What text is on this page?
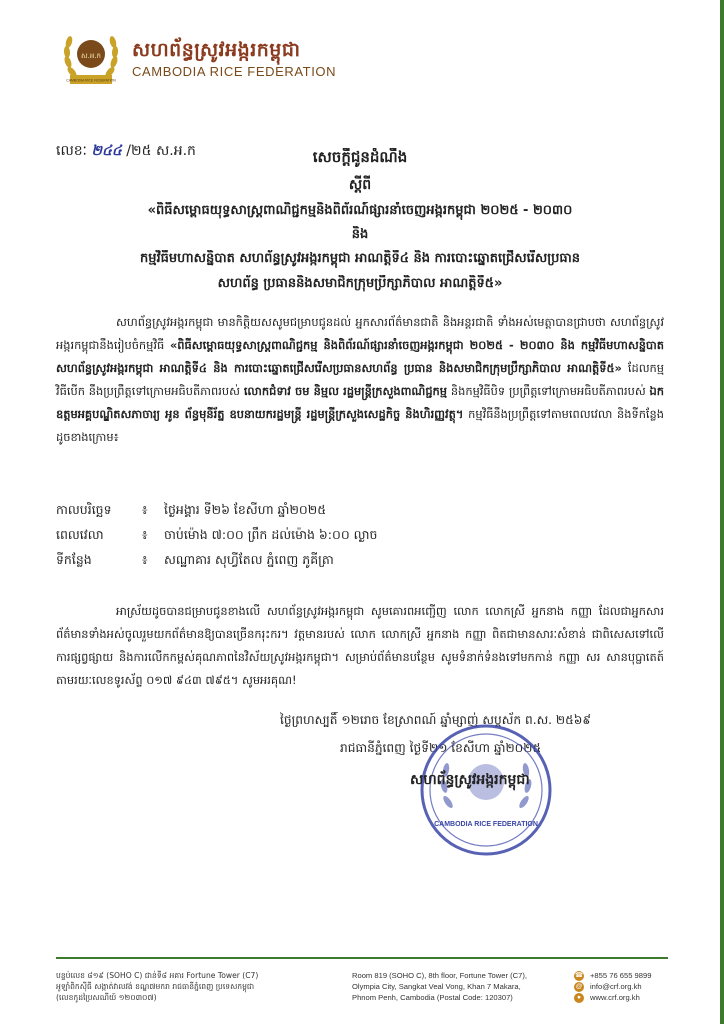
ស.អ.ក
CAMBODIA RICE FEDERATION
សហព័ន្ធស្រូវអង្ករកម្ពុជា
CAMBODIA RICE FEDERATION
លេខៈ ២៤៤ /២៥ ស.អ.ក	សេចក្ដីជូនដំណឹង
ស្ដីពី
«ពិធីសម្ពោធយុទ្ធសាស្ត្រពាណិជ្ជកម្មនិងពិព័រណ៍ផ្សារនាំចេញអង្ករកម្ពុជា ២០២៥ - ២០៣០
និង
កម្មវិធីមហាសន្និបាត សហព័ន្ធស្រូវអង្ករកម្ពុជា អាណត្តិទី៤ និង ការបោះឆ្នោតជ្រើសរើសប្រធាន
សហព័ន្ធ ប្រធាននិងសមាជិកក្រុមប្រឹក្សាភិបាល អាណត្តិទី៥»

សហព័ន្ធស្រូវអង្ករកម្ពុជា មានកិត្តិយសសូមជម្រាបជូនដល់ អ្នកសារព័ត៌មានជាតិ និងអន្តរជាតិ ទាំងអស់មេត្តាបានជ្រាបថា សហព័ន្ធស្រូវអង្ករកម្ពុជានឹងរៀបចំកម្មវិធី «ពិធីសម្ពោធយុទ្ធសាស្ត្រពាណិជ្ជកម្ម និងពិព័រណ៍ផ្សារនាំចេញអង្ករកម្ពុជា ២០២៥ - ២០៣០ និង កម្មវិធីមហាសន្និបាត សហព័ន្ធស្រូវអង្ករកម្ពុជា អាណត្តិទី៤ និង ការបោះឆ្នោតជ្រើសរើសប្រធានសហព័ន្ធ ប្រធាន និងសមាជិកក្រុមប្រឹក្សាភិបាល អាណត្តិទី៥» ដែលកម្មវិធីបើក នឹងប្រព្រឹត្តទៅក្រោមអធិបតីភាពរបស់ លោកជំទាវ ចម និម្មល រដ្ឋមន្ត្រីក្រសួងពាណិជ្ជកម្ម និងកម្មវិធីបិទ ប្រព្រឹត្តទៅក្រោមអធិបតីភាពរបស់ ឯកឧត្តមអគ្គបណ្ឌិតសភាចារ្យ អូន ព័ន្ធមុនីរ័ត្ន ឧបនាយករដ្ឋមន្ត្រី រដ្ឋមន្ត្រីក្រសួងសេដ្ឋកិច្ច និងហិរញ្ញវត្ថុ។ កម្មវិធីនឹងប្រព្រឹត្តទៅតាមពេលវេលា និងទីកន្លែងដូចខាងក្រោម៖

កាលបរិច្ឆេទ ៖ ថ្ងៃអង្គារ ទី២៦ ខែសីហា ឆ្នាំ២០២៥
ពេលវេលា	៖ ចាប់ម៉ោង ៧:០០ ព្រឹក ដល់ម៉ោង ៦:០០ ល្ងាច
ទីកន្លែង	៖ សណ្ឋាគារ សុហ្វីតែល ភ្នំពេញ ភូគីត្រា

អាស្រ័យដូចបានជម្រាបជូនខាងលើ សហព័ន្ធស្រូវអង្ករកម្ពុជា សូមគោរពអញ្ជើញ លោក លោកស្រី អ្នកនាង កញ្ញា ដែលជាអ្នកសារព័ត៌មានទាំងអស់ចូលរួមយកព័ត៌មានឱ្យបានច្រើនករុះករ។ វត្តមានរបស់ លោក លោកស្រី អ្នកនាង កញ្ញា ពិតជាមានសារៈសំខាន់ ជាពិសេសទៅលើការផ្សព្វផ្សាយ និងការលើកកម្ពស់គុណភាពនៃវិស័យស្រូវអង្ករកម្ពុជា។ សម្រាប់ព័ត៌មានបន្ថែម សូមទំនាក់ទំនងទៅមកកាន់ កញ្ញា សរ សានបុប្ផាតេត៍ តាមរយៈលេខទូរស័ព្ទ ០១៧ ៩៤៣ ៧៩៥។ សូមអរគុណ!

ថ្ងៃព្រហស្បតិ៍ ១២រោច ខែស្រាពណ៍ ឆ្នាំម្សាញ់ សប្តស័ក ព.ស. ២៥៦៩
រាជធានីភ្នំពេញ ថ្ងៃទី២១ ខែសីហា ឆ្នាំ២០២៥
CAMBODIA RICE FEDERATION
សហព័ន្ធស្រូវអង្ករកម្ពុជា
បន្ទប់លេខ ៨១៩ (SOHO C) ជាន់ទី៨ អគារ Fortune Tower (C7)
អូឡាំពិកស៊ីធី សង្កាត់វាលវង់ ខណ្ឌ៧មករា រាជធានីភ្នំពេញ ប្រទេសកម្ពុជា
(លេខកូដប្រៃសណីយ៍ ១២០៣០៧)
Room 819 (SOHO C), 8th floor, Fortune Tower (C7),
Olympia City, Sangkat Veal Vong, Khan 7 Makara,
Phnom Penh, Cambodia (Postal Code: 120307)
☎ +855 76 655 9899
@ info@crf.org.kh
●	www.crf.org.kh
